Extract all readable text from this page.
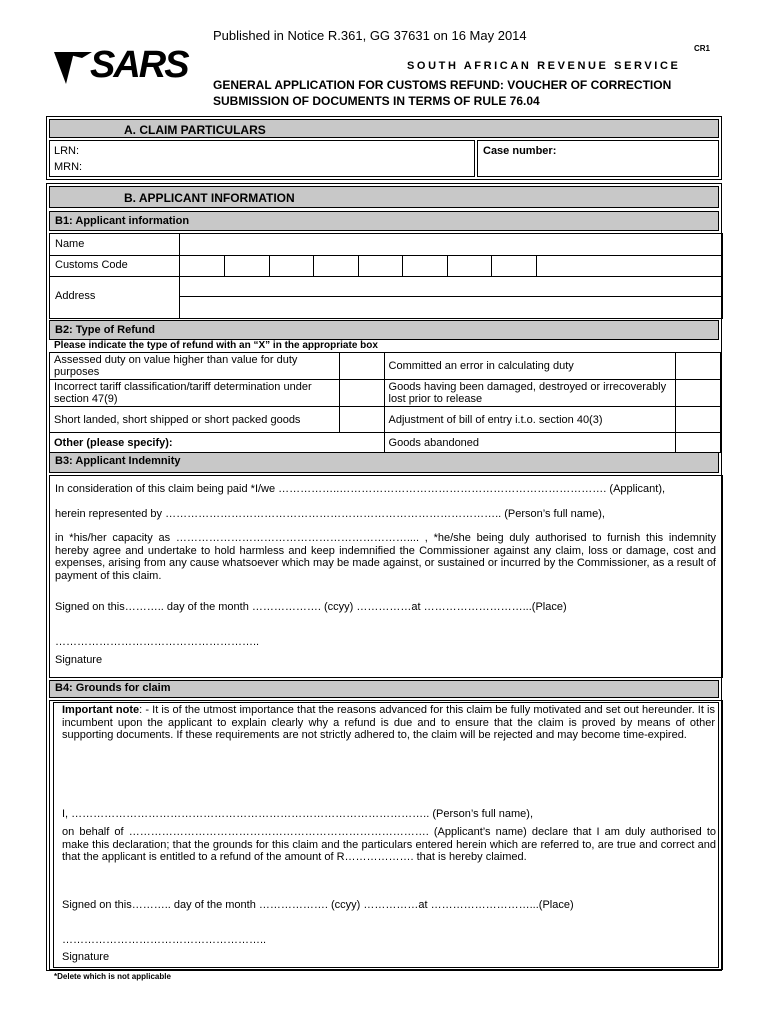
Published in Notice R.361, GG 37631 on 16 May 2014
SARS	CR1
SOUTH AFRICAN REVENUE SERVICE
GENERAL APPLICATION FOR CUSTOMS REFUND: VOUCHER OF CORRECTION
SUBMISSION OF DOCUMENTS IN TERMS OF RULE 76.04
A. CLAIM PARTICULARS
LRN:
MRN:
Case number:
B. APPLICANT INFORMATION
B1: Applicant information
Name
Customs Code
Address
B2: Type of Refund
Please indicate the type of refund with an “X” in the appropriate box
Assessed duty on value higher than value for duty purposes		Committed an error in calculating duty	
Incorrect tariff classification/tariff determination under section 47(9)		Goods having been damaged, destroyed or irrecoverably lost prior to release	
Short landed, short shipped or short packed goods		Adjustment of bill of entry i.t.o. section 40(3)	
Other (please specify):		Goods abandoned	
B3: Applicant Indemnity
In consideration of this claim being paid *I/we ……………..………………………………………………………………. (Applicant),
herein represented by ……………………………………………………………………………….. (Person’s full name),
in *his/her capacity as ……………………………………………………….... , *he/she being duly authorised to furnish this indemnity hereby agree and undertake to hold harmless and keep indemnified the Commissioner against any claim, loss or damage, cost and expenses, arising from any cause whatsoever which may be made against, or sustained or incurred by the Commissioner, as a result of payment of this claim.
Signed on this……….. day of the month ………………. (ccyy) ……………at ………………………...(Place)
………………………………………………..
Signature
B4: Grounds for claim
Important note: - It is of the utmost importance that the reasons advanced for this claim be fully motivated and set out hereunder. It is incumbent upon the applicant to explain clearly why a refund is due and to ensure that the claim is proved by means of other supporting documents. If these requirements are not strictly adhered to, the claim will be rejected and may become time-expired.
I, …………………………………………………………………………………….. (Person’s full name),
on behalf of ………………………………………………………………………. (Applicant’s name) declare that I am duly authorised to make this declaration; that the grounds for this claim and the particulars entered herein which are referred to, are true and correct and that the applicant is entitled to a refund of the amount of R………………. that is hereby claimed.
Signed on this……….. day of the month ………………. (ccyy) ……………at ………………………...(Place)
………………………………………………..
Signature
*Delete which is not applicable
